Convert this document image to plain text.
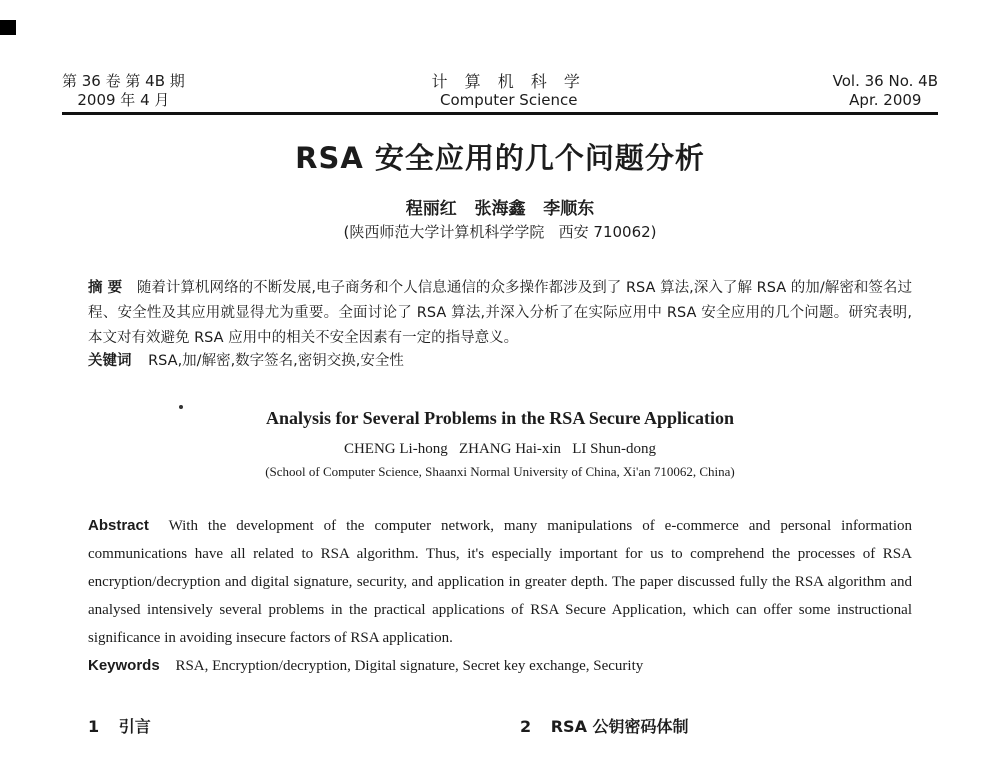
第 36 卷 第 4B 期
2009 年 4 月
计 算 机 科 学
Computer Science
Vol. 36 No. 4B
Apr. 2009
RSA 安全应用的几个问题分析
程丽红   张海鑫   李顺东
(陕西师范大学计算机科学学院   西安 710062)
摘 要 随着计算机网络的不断发展,电子商务和个人信息通信的众多操作都涉及到了 RSA 算法,深入了解 RSA 的加/解密和签名过程、安全性及其应用就显得尤为重要。全面讨论了 RSA 算法,并深入分析了在实际应用中 RSA 安全应用的几个问题。研究表明,本文对有效避免 RSA 应用中的相关不安全因素有一定的指导意义。
关键词 RSA,加/解密,数字签名,密钥交换,安全性
Analysis for Several Problems in the RSA Secure Application
CHENG Li-hong   ZHANG Hai-xin   LI Shun-dong
(School of Computer Science, Shaanxi Normal University of China, Xi'an 710062, China)
Abstract With the development of the computer network, many manipulations of e-commerce and personal information communications have all related to RSA algorithm. Thus, it's especially important for us to comprehend the processes of RSA encryption/decryption and digital signature, security, and application in greater depth. The paper discussed fully the RSA algorithm and analysed intensively several problems in the practical applications of RSA Secure Application, which can offer some instructional significance in avoiding insecure factors of RSA application.
Keywords RSA, Encryption/decryption, Digital signature, Secret key exchange, Security
1 引言	2 RSA 公钥密码体制
